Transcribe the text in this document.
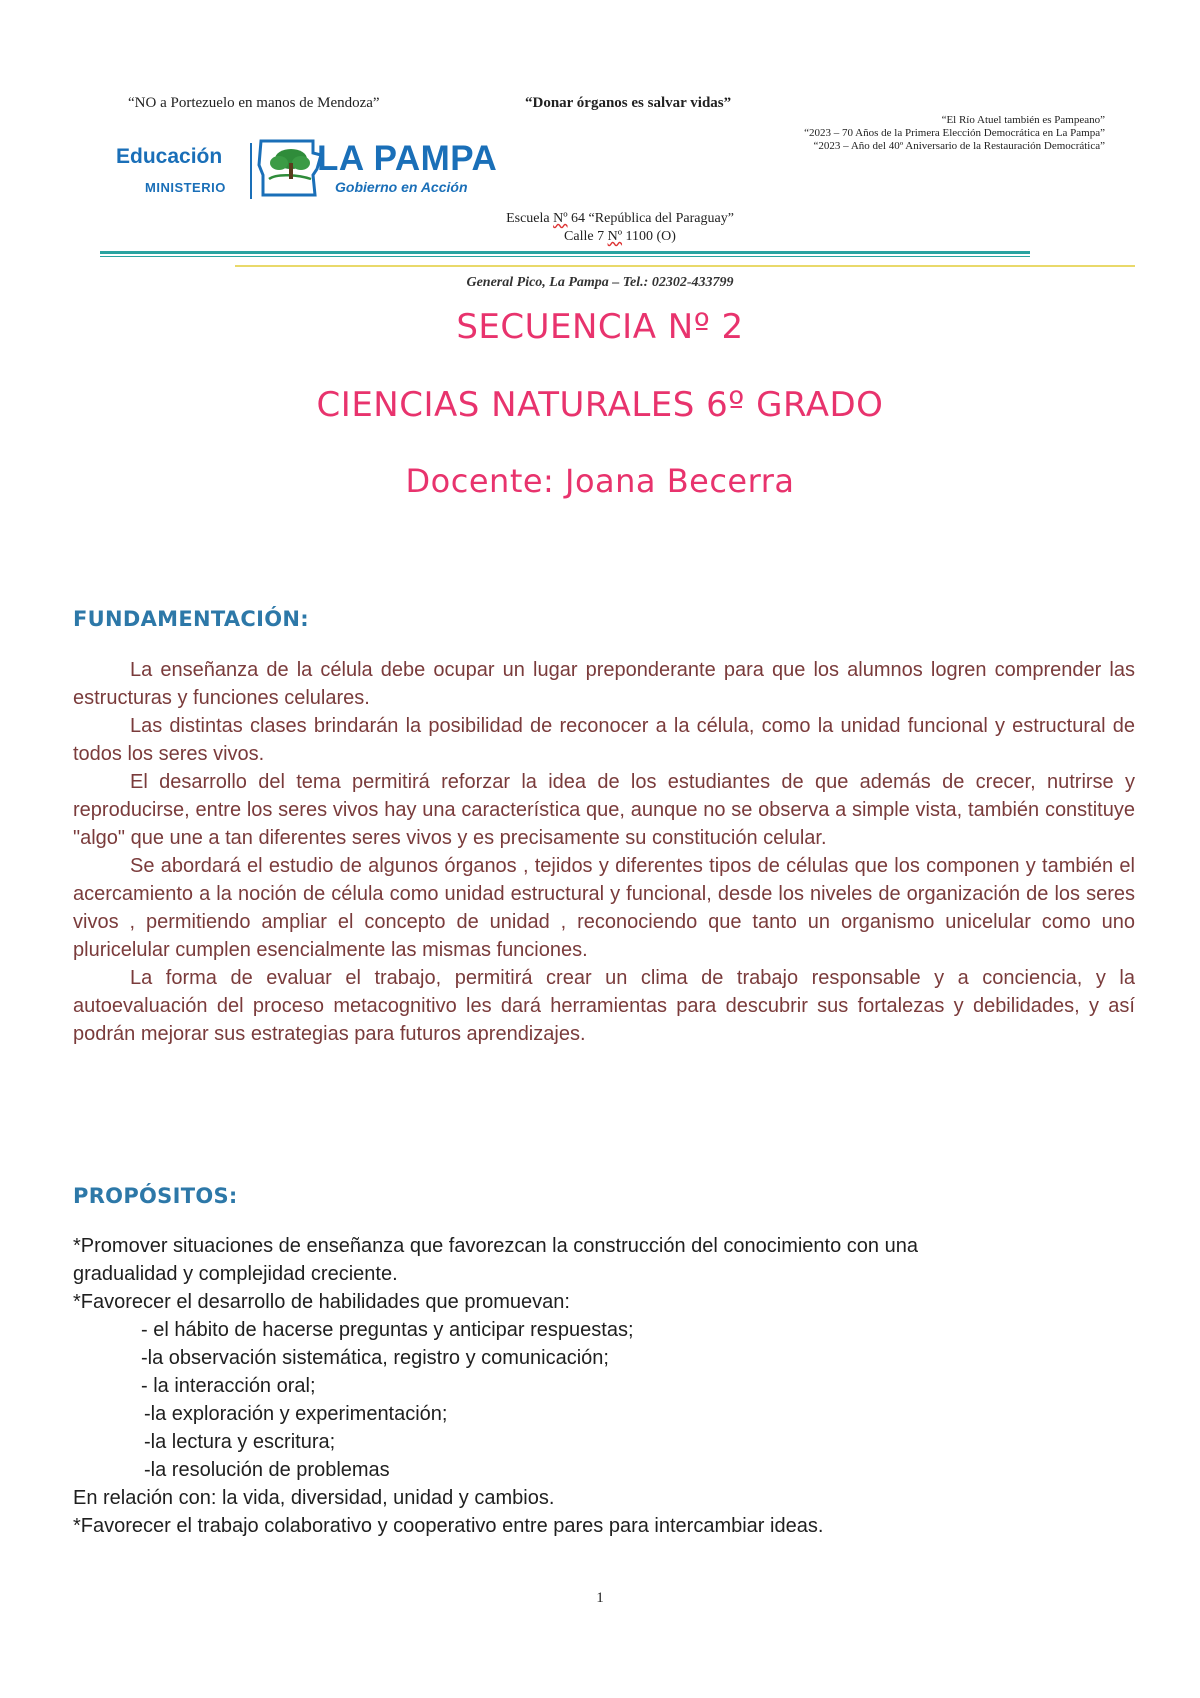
“NO a Portezuelo en manos de Mendoza”	“Donar órganos es salvar vidas”
“El Río Atuel también es Pampeano”
“2023 – 70 Años de la Primera Elección Democrática en La Pampa”
“2023 – Año del 40º Aniversario de la Restauración Democrática”
Educación
MINISTERIO
LA PAMPA
Gobierno en Acción
Escuela Nº 64 “República del Paraguay”
Calle 7 Nº 1100 (O)
General Pico, La Pampa – Tel.: 02302-433799
SECUENCIA Nº 2
CIENCIAS NATURALES 6º GRADO
Docente: Joana Becerra
FUNDAMENTACIÓN:

La enseñanza de la célula debe ocupar un lugar preponderante para que los alumnos logren comprender las estructuras y funciones celulares.

Las distintas clases brindarán la posibilidad de reconocer a la célula, como la unidad funcional y estructural de todos los seres vivos.

El desarrollo del tema permitirá reforzar la idea de los estudiantes de que además de crecer, nutrirse y reproducirse, entre los seres vivos hay una característica que, aunque no se observa a simple vista, también constituye "algo" que une a tan diferentes seres vivos y es precisamente su constitución celular.

Se abordará el estudio de algunos órganos , tejidos y diferentes tipos de células que los componen y también el acercamiento a la noción de célula como unidad estructural y funcional, desde los niveles de organización de los seres vivos , permitiendo ampliar el concepto de unidad , reconociendo que tanto un organismo unicelular como uno pluricelular cumplen esencialmente las mismas funciones.

La forma de evaluar el trabajo, permitirá crear un clima de trabajo responsable y a conciencia, y la autoevaluación del proceso metacognitivo les dará herramientas para descubrir sus fortalezas y debilidades, y así podrán mejorar sus estrategias para futuros aprendizajes.

PROPÓSITOS:
*Promover situaciones de enseñanza que favorezcan la construcción del conocimiento con una
gradualidad y complejidad creciente.
*Favorecer el desarrollo de habilidades que promuevan:
- el hábito de hacerse preguntas y anticipar respuestas;
-la observación sistemática, registro y comunicación;
- la interacción oral;
-la exploración y experimentación;
-la lectura y escritura;
-la resolución de problemas
En relación con: la vida, diversidad, unidad y cambios.
*Favorecer el trabajo colaborativo y cooperativo entre pares para intercambiar ideas.
1
